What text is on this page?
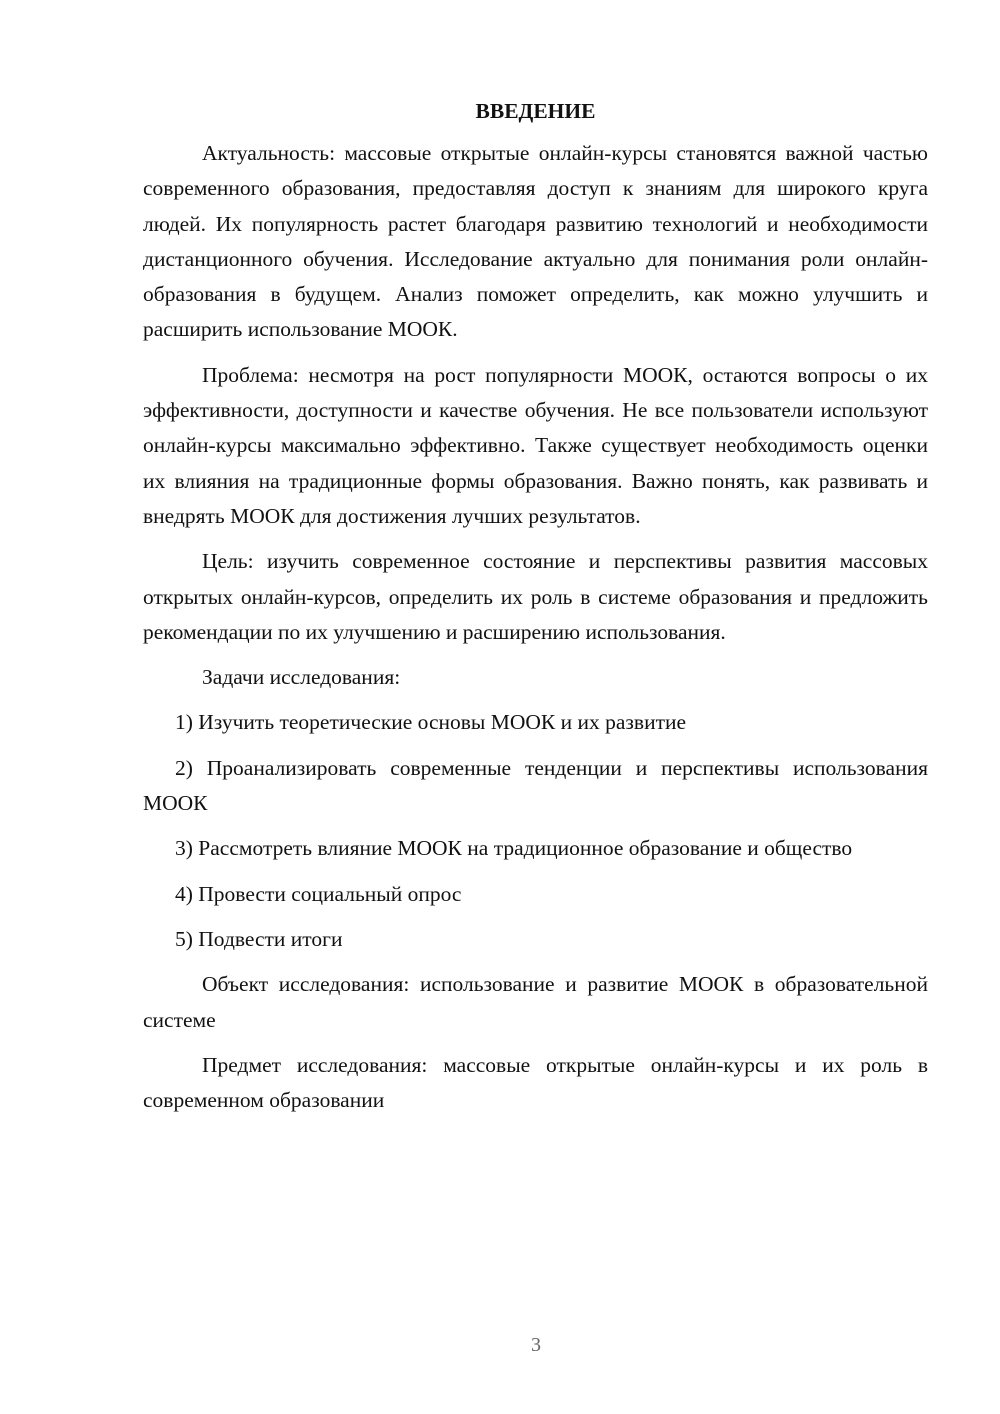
ВВЕДЕНИЕ

Актуальность: массовые открытые онлайн-курсы становятся важной частью современного образования, предоставляя доступ к знаниям для широкого круга людей. Их популярность растет благодаря развитию технологий и необходимости дистанционного обучения. Исследование актуально для понимания роли онлайн-образования в будущем. Анализ поможет определить, как можно улучшить и расширить использование МООК.

Проблема: несмотря на рост популярности МООК, остаются вопросы о их эффективности, доступности и качестве обучения. Не все пользователи используют онлайн-курсы максимально эффективно. Также существует необходимость оценки их влияния на традиционные формы образования. Важно понять, как развивать и внедрять МООК для достижения лучших результатов.

Цель: изучить современное состояние и перспективы развития массовых открытых онлайн-курсов, определить их роль в системе образования и предложить рекомендации по их улучшению и расширению использования.

Задачи исследования:

1) Изучить теоретические основы МООК и их развитие

2) Проанализировать современные тенденции и перспективы использования МООК

3) Рассмотреть влияние МООК на традиционное образование и общество

4) Провести социальный опрос

5) Подвести итоги

Объект исследования: использование и развитие МООК в образовательной системе

Предмет исследования: массовые открытые онлайн-курсы и их роль в современном образовании

3
